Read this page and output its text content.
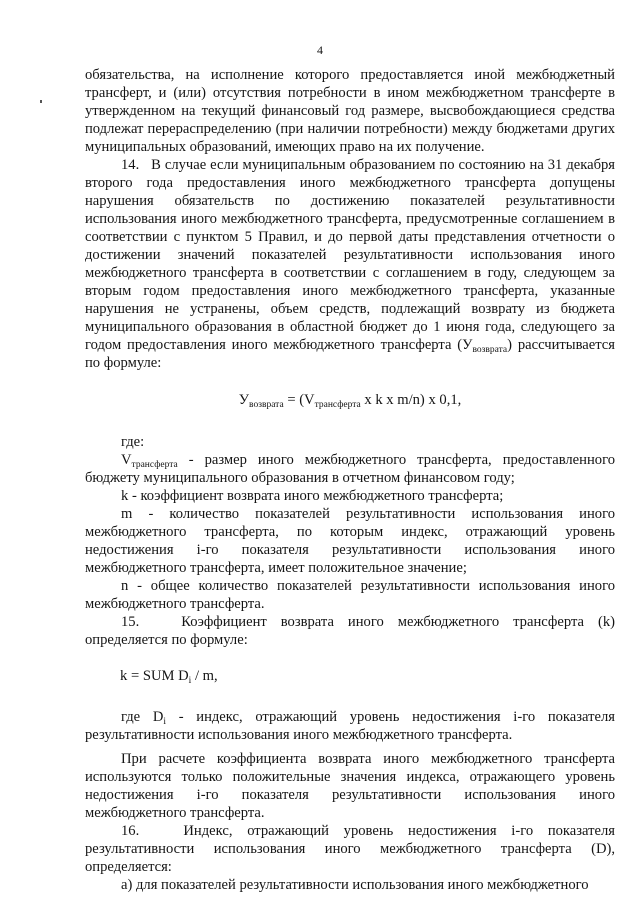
4

обязательства, на исполнение которого предоставляется иной межбюджетный трансферт, и (или) отсутствия потребности в ином межбюджетном трансферте в утвержденном на текущий финансовый год размере, высвобождающиеся средства подлежат перераспределению (при наличии потребности) между бюджетами других муниципальных образований, имеющих право на их получение.

14.   В случае если муниципальным образованием по состоянию на 31 декабря второго года предоставления иного межбюджетного трансферта допущены нарушения обязательств по достижению показателей результативности использования иного межбюджетного трансферта, предусмотренные соглашением в соответствии с пунктом 5 Правил, и до первой даты представления отчетности о достижении значений показателей результативности использования иного межбюджетного трансферта в соответствии с соглашением в году, следующем за вторым годом предоставления иного межбюджетного трансферта, указанные нарушения не устранены, объем средств, подлежащий возврату из бюджета муниципального образования в областной бюджет до 1 июня года, следующего за годом предоставления иного межбюджетного трансферта $(У_{возврата})$ рассчитывается по формуле:

$У_{возврата} = (V_{трансферта}$ x k x m/n) x 0,1,

где:

$V_{трансферта}$ - размер иного межбюджетного трансферта, предоставленного бюджету муниципального образования в отчетном финансовом году;

k - коэффициент возврата иного межбюджетного трансферта;

m - количество показателей результативности использования иного межбюджетного трансферта, по которым индекс, отражающий уровень недостижения i-го показателя результативности использования иного межбюджетного трансферта, имеет положительное значение;

n - общее количество показателей результативности использования иного межбюджетного трансферта.

15.   Коэффициент возврата иного межбюджетного трансферта (k) определяется по формуле:

k = SUM $D_i$ / m,

где $D_i$ - индекс, отражающий уровень недостижения i-го показателя результативности использования иного межбюджетного трансферта.

При расчете коэффициента возврата иного межбюджетного трансферта используются только положительные значения индекса, отражающего уровень недостижения i-го показателя результативности использования иного межбюджетного трансферта.

16.   Индекс, отражающий уровень недостижения i-го показателя результативности использования иного межбюджетного трансферта (D), определяется:

а) для показателей результативности использования иного межбюджетного
